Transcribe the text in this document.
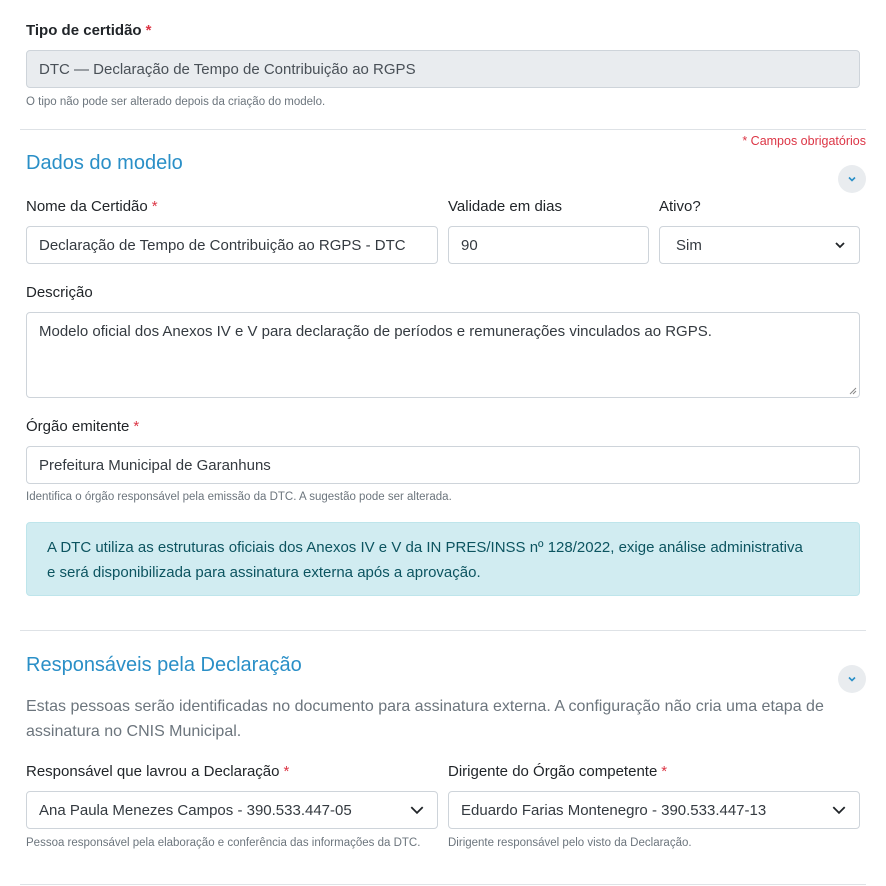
Tipo de certidão *
DTC — Declaração de Tempo de Contribuição ao RGPS
O tipo não pode ser alterado depois da criação do modelo.
* Campos obrigatórios
Dados do modelo
Nome da Certidão *
Declaração de Tempo de Contribuição ao RGPS - DTC
Validade em dias
90
Ativo?
Sim
Descrição
Modelo oficial dos Anexos IV e V para declaração de períodos e remunerações vinculados ao RGPS.
Órgão emitente *
Prefeitura Municipal de Garanhuns
Identifica o órgão responsável pela emissão da DTC. A sugestão pode ser alterada.
A DTC utiliza as estruturas oficiais dos Anexos IV e V da IN PRES/INSS nº 128/2022, exige análise administrativa
e será disponibilizada para assinatura externa após a aprovação.
Responsáveis pela Declaração
Estas pessoas serão identificadas no documento para assinatura externa. A configuração não cria uma etapa de
assinatura no CNIS Municipal.
Responsável que lavrou a Declaração *
Ana Paula Menezes Campos - 390.533.447-05
Pessoa responsável pela elaboração e conferência das informações da DTC.
Dirigente do Órgão competente *
Eduardo Farias Montenegro - 390.533.447-13
Dirigente responsável pelo visto da Declaração.
